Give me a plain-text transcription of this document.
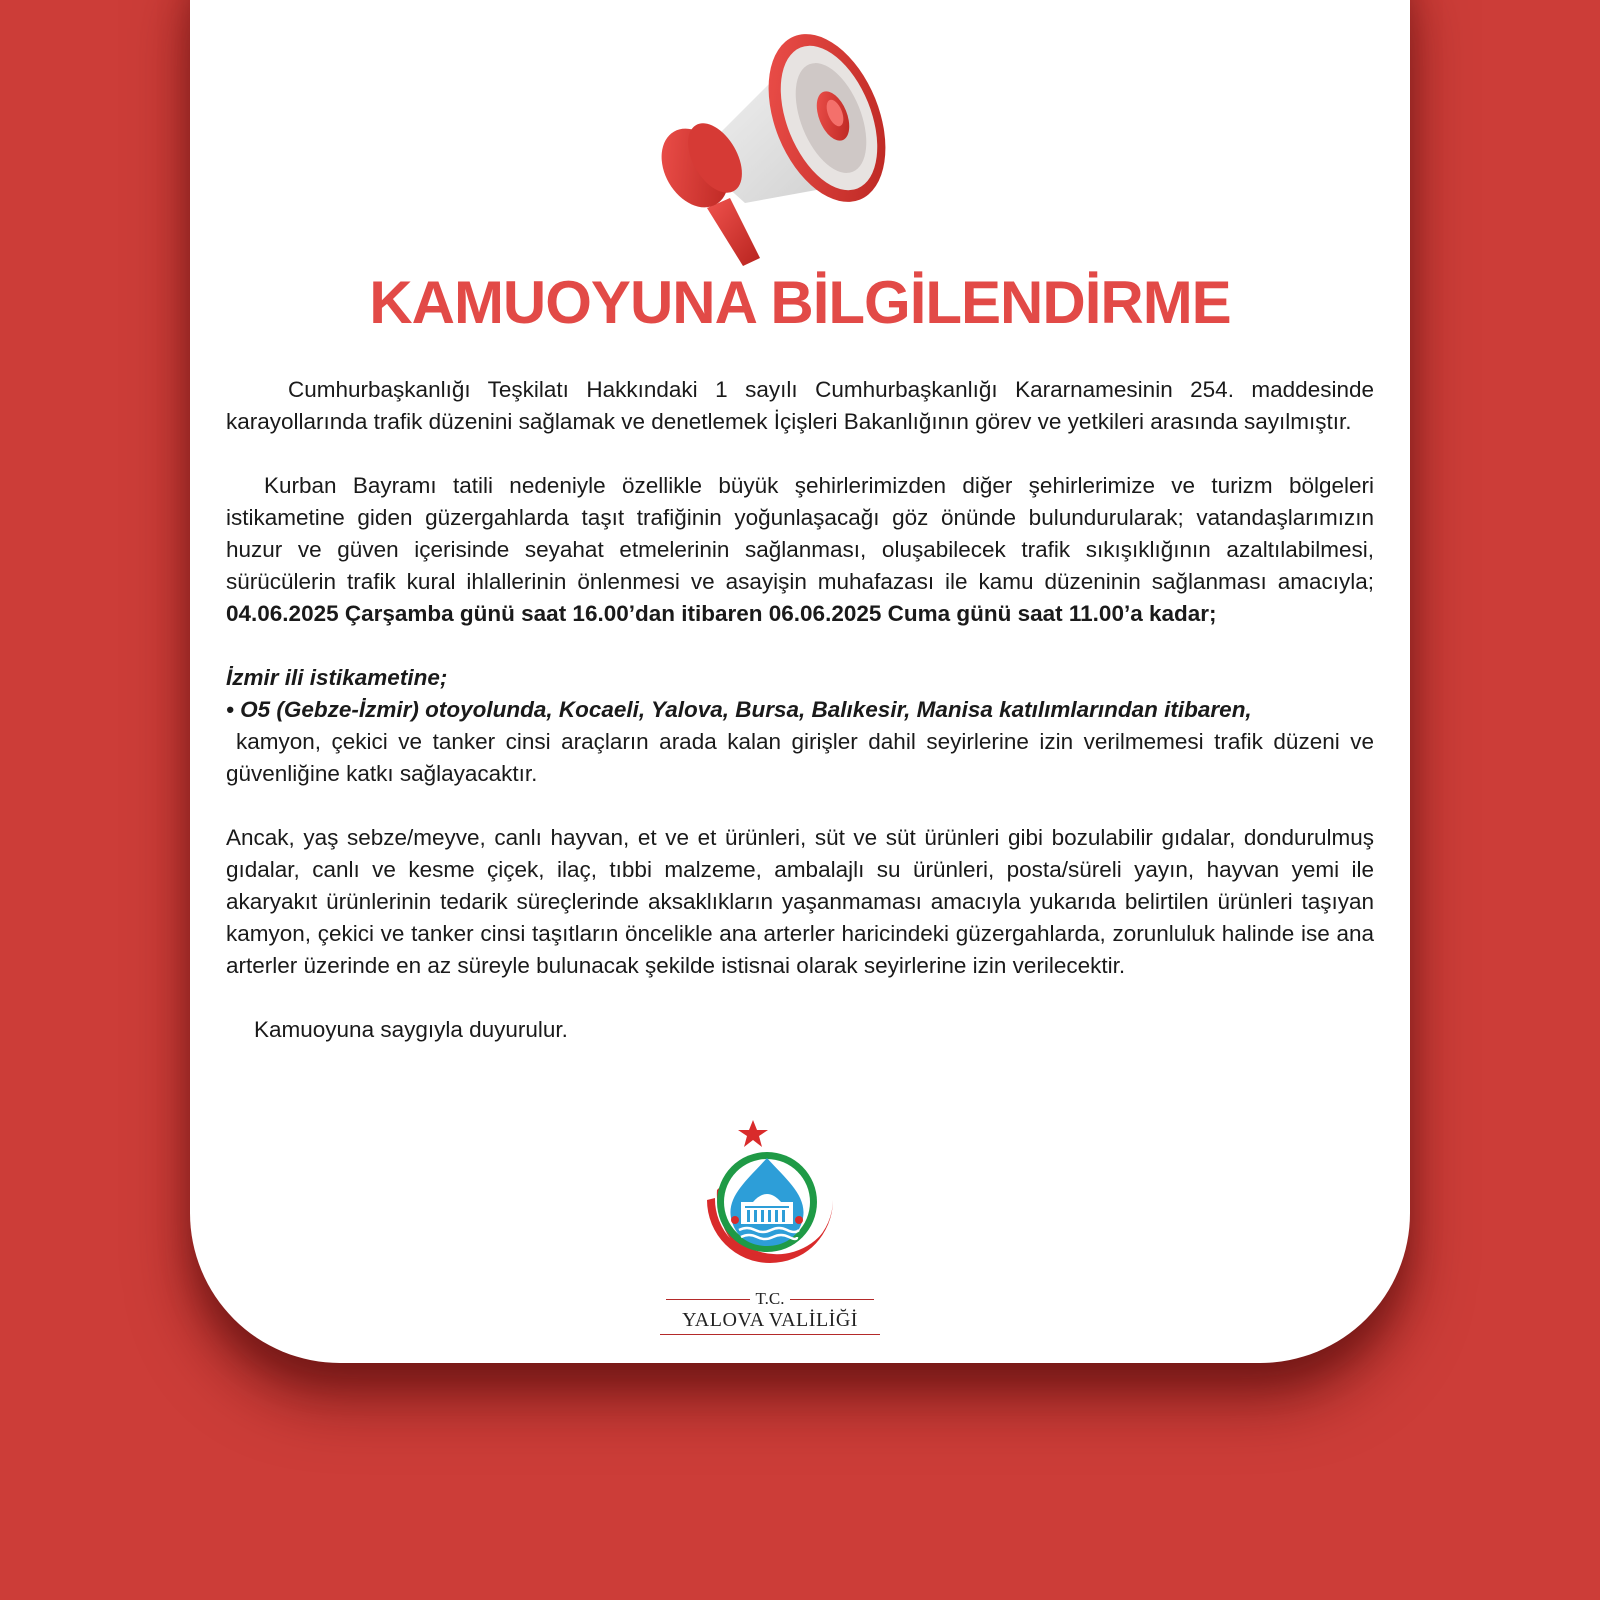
KAMUOYUNA BİLGİLENDİRME

Cumhurbaşkanlığı Teşkilatı Hakkındaki 1 sayılı Cumhurbaşkanlığı Kararnamesinin 254. maddesinde karayollarında trafik düzenini sağlamak ve denetlemek İçişleri Bakanlığının görev ve yetkileri arasında sayılmıştır.

Kurban Bayramı tatili nedeniyle özellikle büyük şehirlerimizden diğer şehirlerimize ve turizm bölgeleri istikametine giden güzergahlarda taşıt trafiğinin yoğunlaşacağı göz önünde bulundurularak; vatandaşlarımızın huzur ve güven içerisinde seyahat etmelerinin sağlanması, oluşabilecek trafik sıkışıklığının azaltılabilmesi, sürücülerin trafik kural ihlallerinin önlenmesi ve asayişin muhafazası ile kamu düzeninin sağlanması amacıyla; 04.06.2025 Çarşamba günü saat 16.00’dan itibaren 06.06.2025 Cuma günü saat 11.00’a kadar;

İzmir ili istikametine;

• O5 (Gebze-İzmir) otoyolunda, Kocaeli, Yalova, Bursa, Balıkesir, Manisa katılımlarından itibaren,

kamyon, çekici ve tanker cinsi araçların arada kalan girişler dahil seyirlerine izin verilmemesi trafik düzeni ve güvenliğine katkı sağlayacaktır.

Ancak, yaş sebze/meyve, canlı hayvan, et ve et ürünleri, süt ve süt ürünleri gibi bozulabilir gıdalar, dondurulmuş gıdalar, canlı ve kesme çiçek, ilaç, tıbbi malzeme, ambalajlı su ürünleri, posta/süreli yayın, hayvan yemi ile akaryakıt ürünlerinin tedarik süreçlerinde aksaklıkların yaşanmaması amacıyla yukarıda belirtilen ürünleri taşıyan kamyon, çekici ve tanker cinsi taşıtların öncelikle ana arterler haricindeki güzergahlarda, zorunluluk halinde ise ana arterler üzerinde en az süreyle bulunacak şekilde istisnai olarak seyirlerine izin verilecektir.

Kamuoyuna saygıyla duyurulur.

T.C.
YALOVA VALİLİĞİ
